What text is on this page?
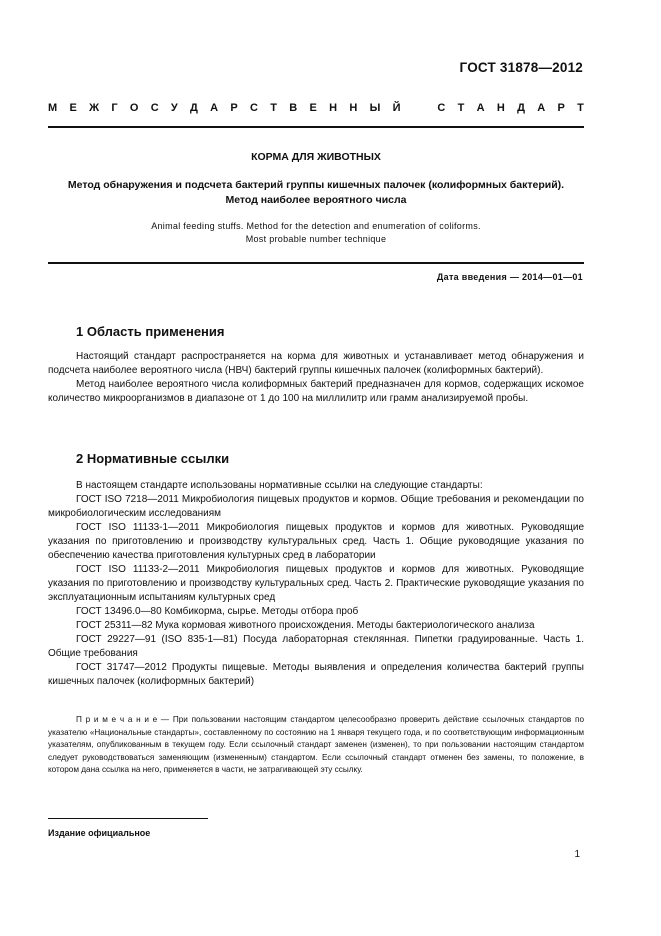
ГОСТ 31878—2012
М Е Ж Г О С У Д А Р С Т В Е Н Н Ы Й	С Т А Н Д А Р Т
КОРМА ДЛЯ ЖИВОТНЫХ
Метод обнаружения и подсчета бактерий группы кишечных палочек (колиформных бактерий).
Метод наиболее вероятного числа
Animal feeding stuffs. Method for the detection and enumeration of coliforms.
Most probable number technique
Дата введения — 2014—01—01
1 Область применения

Настоящий стандарт распространяется на корма для животных и устанавливает метод обнаружения и подсчета наиболее вероятного числа (НВЧ) бактерий группы кишечных палочек (колиформных бактерий).

Метод наиболее вероятного числа колиформных бактерий предназначен для кормов, содержащих искомое количество микроорганизмов в диапазоне от 1 до 100 на миллилитр или грамм анализируемой пробы.

2 Нормативные ссылки

В настоящем стандарте использованы нормативные ссылки на следующие стандарты:

ГОСТ ISO 7218—2011 Микробиология пищевых продуктов и кормов. Общие требования и рекомендации по микробиологическим исследованиям

ГОСТ ISO 11133-1—2011 Микробиология пищевых продуктов и кормов для животных. Руководящие указания по приготовлению и производству культуральных сред. Часть 1. Общие руководящие указания по обеспечению качества приготовления культурных сред в лаборатории

ГОСТ ISO 11133-2—2011 Микробиология пищевых продуктов и кормов для животных. Руководящие указания по приготовлению и производству культуральных сред. Часть 2. Практические руководящие указания по эксплуатационным испытаниям культурных сред

ГОСТ 13496.0—80 Комбикорма, сырье. Методы отбора проб

ГОСТ 25311—82 Мука кормовая животного происхождения. Методы бактериологического анализа

ГОСТ 29227—91 (ISO 835-1—81) Посуда лабораторная стеклянная. Пипетки градуированные. Часть 1. Общие требования

ГОСТ 31747—2012 Продукты пищевые. Методы выявления и определения количества бактерий группы кишечных палочек (колиформных бактерий)

П р и м е ч а н и е — При пользовании настоящим стандартом целесообразно проверить действие ссылочных стандартов по указателю «Национальные стандарты», составленному по состоянию на 1 января текущего года, и по соответствующим информационным указателям, опубликованным в текущем году. Если ссылочный стандарт заменен (изменен), то при пользовании настоящим стандартом следует руководствоваться заменяющим (измененным) стандартом. Если ссылочный стандарт отменен без замены, то положение, в котором дана ссылка на него, применяется в части, не затрагивающей эту ссылку.

Издание официальное
1
